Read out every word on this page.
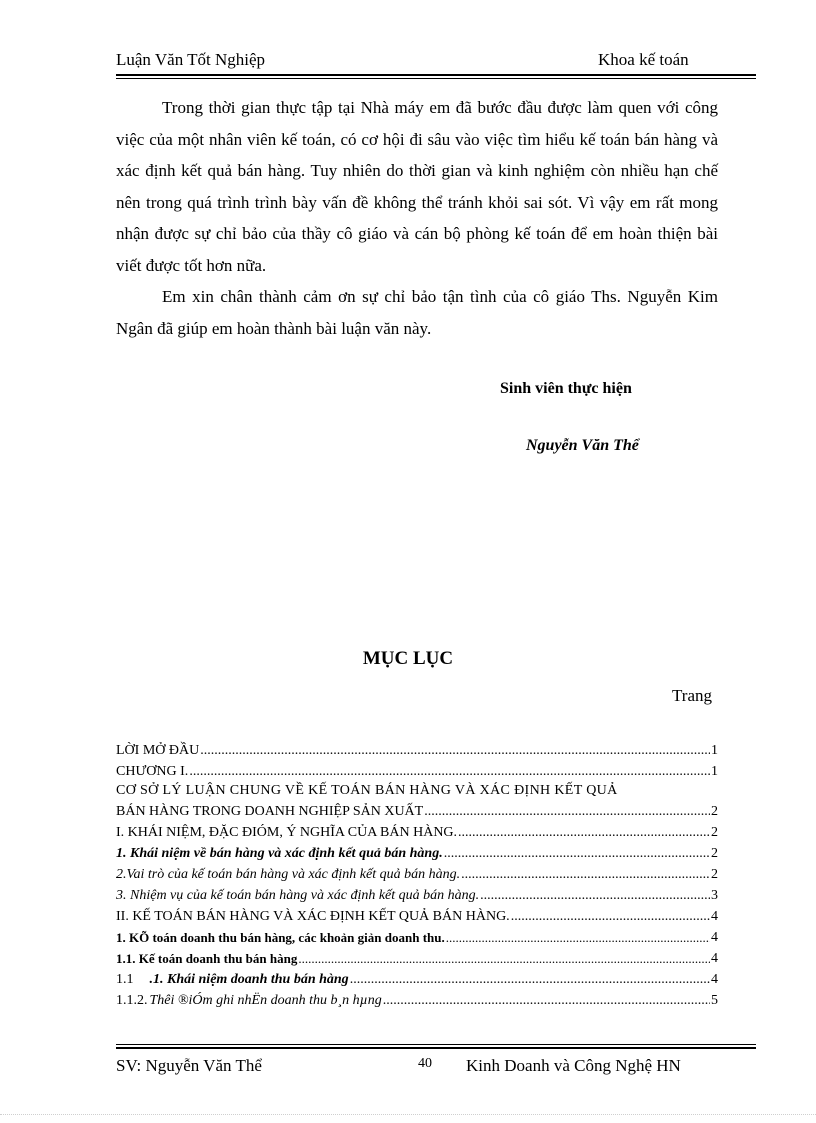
Luận Văn Tốt Nghiệp	Khoa kế toán

Trong thời gian thực tập tại Nhà máy em đã bước đầu được làm quen với công việc của một nhân viên kế toán, có cơ hội đi sâu vào việc tìm hiểu kế toán bán hàng và xác định kết quả bán hàng. Tuy nhiên do thời gian và kinh nghiệm còn nhiều hạn chế nên trong quá trình trình bày vấn đề không thể tránh khỏi sai sót. Vì vậy em rất mong nhận được sự chỉ bảo của thầy cô giáo và cán bộ phòng kế toán để em hoàn thiện bài viết được tốt hơn nữa.

Em xin chân thành cảm ơn sự chỉ bảo tận tình của cô giáo Ths. Nguyễn Kim Ngân đã giúp em hoàn thành bài luận văn này.

Sinh viên thực hiện
Nguyễn Văn Thể
MỤC LỤC
Trang
LỜI MỞ ĐẦU .....	1
CHƯƠNG I. .....	1
CƠ SỞ LÝ LUẬN CHUNG VỀ KẾ TOÁN BÁN HÀNG VÀ XÁC ĐỊNH KẾT QUẢ
BÁN HÀNG TRONG DOANH NGHIỆP SẢN XUẤT .....	2
I. KHÁI NIỆM, ĐẶC ĐIÓM, Ý NGHĨA CỦA BÁN HÀNG. .....	2
1. Khái niệm về bán hàng và xác định kết quả bán hàng. .....	2
2.Vai trò của kế toán bán hàng và xác định kết quả bán hàng. .....	2
3. Nhiệm vụ của kế toán bán hàng và xác định kết quả bán hàng. .....	3
II. KẾ TOÁN BÁN HÀNG VÀ XÁC ĐỊNH KẾT QUẢ BÁN HÀNG. .....	4
1. KÕ toán doanh thu bán hàng, các khoản giản doanh thu. .....	4
1.1. Kế toán doanh thu bán hàng .....	4
1.1 .1. Khái niệm doanh thu bán hàng .....	4
1.1.2. Thêi ®iÓm ghi nhËn doanh thu b¸n hµng .....	5
SV: Nguyễn Văn Thể	40 Kinh Doanh và Công Nghệ HN
